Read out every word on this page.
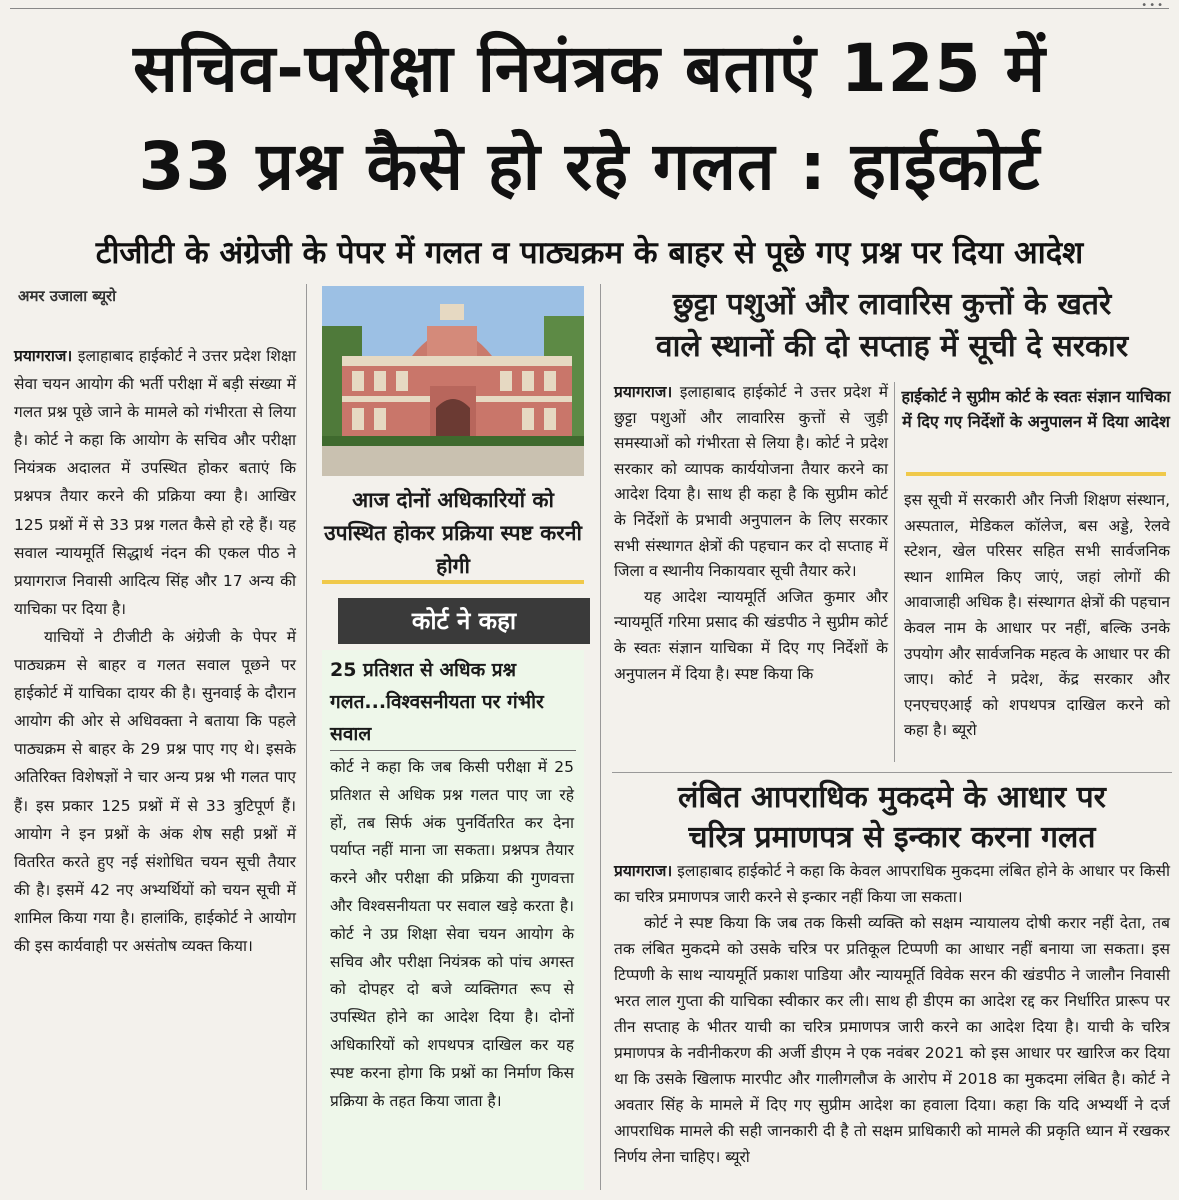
•••
सचिव-परीक्षा नियंत्रक बताएं 125 में
33 प्रश्न कैसे हो रहे गलत : हाईकोर्ट
टीजीटी के अंग्रेजी के पेपर में गलत व पाठ्यक्रम के बाहर से पूछे गए प्रश्न पर दिया आदेश
अमर उजाला ब्यूरो

प्रयागराज। इलाहाबाद हाईकोर्ट ने उत्तर प्रदेश शिक्षा सेवा चयन आयोग की भर्ती परीक्षा में बड़ी संख्या में गलत प्रश्न पूछे जाने के मामले को गंभीरता से लिया है। कोर्ट ने कहा कि आयोग के सचिव और परीक्षा नियंत्रक अदालत में उपस्थित होकर बताएं कि प्रश्नपत्र तैयार करने की प्रक्रिया क्या है। आखिर 125 प्रश्नों में से 33 प्रश्न गलत कैसे हो रहे हैं। यह सवाल न्यायमूर्ति सिद्धार्थ नंदन की एकल पीठ ने प्रयागराज निवासी आदित्य सिंह और 17 अन्य की याचिका पर दिया है।

याचियों ने टीजीटी के अंग्रेजी के पेपर में पाठ्यक्रम से बाहर व गलत सवाल पूछने पर हाईकोर्ट में याचिका दायर की है। सुनवाई के दौरान आयोग की ओर से अधिवक्ता ने बताया कि पहले पाठ्यक्रम से बाहर के 29 प्रश्न पाए गए थे। इसके अतिरिक्त विशेषज्ञों ने चार अन्य प्रश्न भी गलत पाए हैं। इस प्रकार 125 प्रश्नों में से 33 त्रुटिपूर्ण हैं। आयोग ने इन प्रश्नों के अंक शेष सही प्रश्नों में वितरित करते हुए नई संशोधित चयन सूची तैयार की है। इसमें 42 नए अभ्यर्थियों को चयन सूची में शामिल किया गया है। हालांकि, हाईकोर्ट ने आयोग की इस कार्यवाही पर असंतोष व्यक्त किया।

आज दोनों अधिकारियों को उपस्थित होकर प्रक्रिया स्पष्ट करनी होगी
कोर्ट ने कहा
25 प्रतिशत से अधिक प्रश्न गलत...विश्वसनीयता पर गंभीर सवाल
कोर्ट ने कहा कि जब किसी परीक्षा में 25 प्रतिशत से अधिक प्रश्न गलत पाए जा रहे हों, तब सिर्फ अंक पुनर्वितरित कर देना पर्याप्त नहीं माना जा सकता। प्रश्नपत्र तैयार करने और परीक्षा की प्रक्रिया की गुणवत्ता और विश्वसनीयता पर सवाल खड़े करता है। कोर्ट ने उप्र शिक्षा सेवा चयन आयोग के सचिव और परीक्षा नियंत्रक को पांच अगस्त को दोपहर दो बजे व्यक्तिगत रूप से उपस्थित होने का आदेश दिया है। दोनों अधिकारियों को शपथपत्र दाखिल कर यह स्पष्ट करना होगा कि प्रश्नों का निर्माण किस प्रक्रिया के तहत किया जाता है।
छुट्टा पशुओं और लावारिस कुत्तों के खतरे
वाले स्थानों की दो सप्ताह में सूची दे सरकार

प्रयागराज। इलाहाबाद हाईकोर्ट ने उत्तर प्रदेश में छुट्टा पशुओं और लावारिस कुत्तों से जुड़ी समस्याओं को गंभीरता से लिया है। कोर्ट ने प्रदेश सरकार को व्यापक कार्ययोजना तैयार करने का आदेश दिया है। साथ ही कहा है कि सुप्रीम कोर्ट के निर्देशों के प्रभावी अनुपालन के लिए सरकार सभी संस्थागत क्षेत्रों की पहचान कर दो सप्ताह में जिला व स्थानीय निकायवार सूची तैयार करे।

यह आदेश न्यायमूर्ति अजित कुमार और न्यायमूर्ति गरिमा प्रसाद की खंडपीठ ने सुप्रीम कोर्ट के स्वतः संज्ञान याचिका में दिए गए निर्देशों के अनुपालन में दिया है। स्पष्ट किया कि

हाईकोर्ट ने सुप्रीम कोर्ट के स्वतः संज्ञान याचिका में दिए गए निर्देशों के अनुपालन में दिया आदेश
इस सूची में सरकारी और निजी शिक्षण संस्थान, अस्पताल, मेडिकल कॉलेज, बस अड्डे, रेलवे स्टेशन, खेल परिसर सहित सभी सार्वजनिक स्थान शामिल किए जाएं, जहां लोगों की आवाजाही अधिक है। संस्थागत क्षेत्रों की पहचान केवल नाम के आधार पर नहीं, बल्कि उनके उपयोग और सार्वजनिक महत्व के आधार पर की जाए। कोर्ट ने प्रदेश, केंद्र सरकार और एनएचएआई को शपथपत्र दाखिल करने को कहा है। ब्यूरो
लंबित आपराधिक मुकदमे के आधार पर
चरित्र प्रमाणपत्र से इन्कार करना गलत

प्रयागराज। इलाहाबाद हाईकोर्ट ने कहा कि केवल आपराधिक मुकदमा लंबित होने के आधार पर किसी का चरित्र प्रमाणपत्र जारी करने से इन्कार नहीं किया जा सकता।

कोर्ट ने स्पष्ट किया कि जब तक किसी व्यक्ति को सक्षम न्यायालय दोषी करार नहीं देता, तब तक लंबित मुकदमे को उसके चरित्र पर प्रतिकूल टिप्पणी का आधार नहीं बनाया जा सकता। इस टिप्पणी के साथ न्यायमूर्ति प्रकाश पाडिया और न्यायमूर्ति विवेक सरन की खंडपीठ ने जालौन निवासी भरत लाल गुप्ता की याचिका स्वीकार कर ली। साथ ही डीएम का आदेश रद्द कर निर्धारित प्रारूप पर तीन सप्ताह के भीतर याची का चरित्र प्रमाणपत्र जारी करने का आदेश दिया है। याची के चरित्र प्रमाणपत्र के नवीनीकरण की अर्जी डीएम ने एक नवंबर 2021 को इस आधार पर खारिज कर दिया था कि उसके खिलाफ मारपीट और गालीगलौज के आरोप में 2018 का मुकदमा लंबित है। कोर्ट ने अवतार सिंह के मामले में दिए गए सुप्रीम आदेश का हवाला दिया। कहा कि यदि अभ्यर्थी ने दर्ज आपराधिक मामले की सही जानकारी दी है तो सक्षम प्राधिकारी को मामले की प्रकृति ध्यान में रखकर निर्णय लेना चाहिए। ब्यूरो
